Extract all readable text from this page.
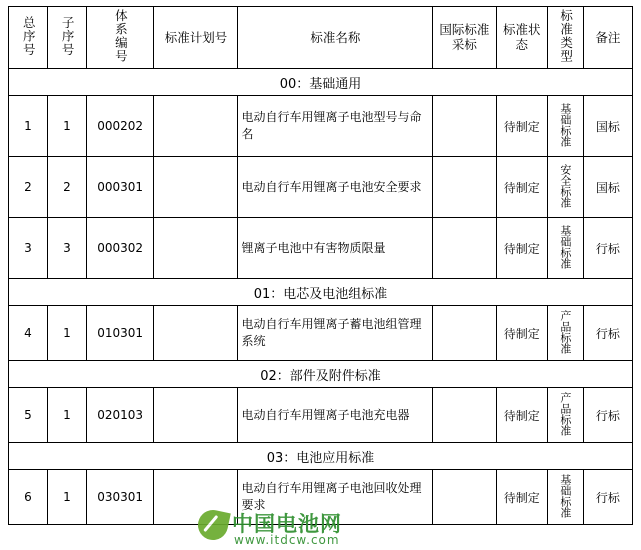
总序号	子序号	体系编号	标准计划号	标准名称	国际标准采标	标准状态	标准类型	备注

00：基础通用								
1	1	000202		电动自行车用锂离子电池型号与命名		待制定	基础标准	国标
2	2	000301		电动自行车用锂离子电池安全要求		待制定	安全标准	国标
3	3	000302		锂离子电池中有害物质限量		待制定	基础标准	行标
01：电芯及电池组标准								
4	1	010301		电动自行车用锂离子蓄电池组管理系统		待制定	产品标准	行标
02：部件及附件标准								
5	1	020103		电动自行车用锂离子电池充电器		待制定	产品标准	行标
03：电池应用标准								
6	1	030301		电动自行车用锂离子电池回收处理要求		待制定	基础标准	行标
中国电池网
www.itdcw.com
